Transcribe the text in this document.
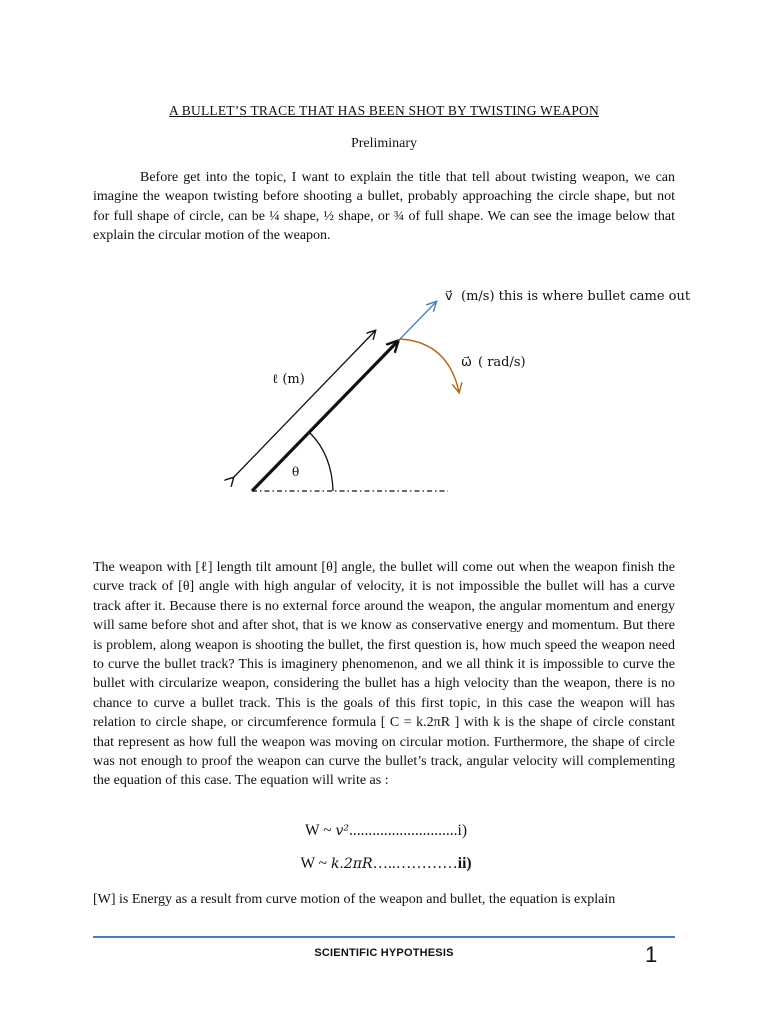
A BULLET’S TRACE THAT HAS BEEN SHOT BY TWISTING WEAPON
Preliminary
Before get into the topic, I want to explain the title that tell about twisting weapon, we can imagine the weapon twisting before shooting a bullet, probably approaching the circle shape, but not for full shape of circle, can be ¼ shape, ½ shape, or ¾ of full shape. We can see the image below that explain the circular motion of the weapon.
v⃗ (m/s) this is where bullet came out
ω⃗ ( rad/s)
ℓ (m)
θ
The weapon with [ℓ] length tilt amount [θ] angle, the bullet will come out when the weapon finish the curve track of [θ] angle with high angular of velocity, it is not impossible the bullet will has a curve track after it. Because there is no external force around the weapon, the angular momentum and energy will same before shot and after shot, that is we know as conservative energy and momentum. But there is problem, along weapon is shooting the bullet, the first question is, how much speed the weapon need to curve the bullet track? This is imaginery phenomenon, and we all think it is impossible to curve the bullet with circularize weapon, considering the bullet has a high velocity than the weapon, there is no chance to curve a bullet track. This is the goals of this first topic, in this case the weapon will has relation to circle shape, or circumference formula [ C = k.2πR ] with k is the shape of circle constant that represent as how full the weapon was moving on circular motion. Furthermore, the shape of circle was not enough to proof the weapon can curve the bullet’s track, angular velocity will complementing the equation of this case. The equation will write as :
W ~ v²............................i)
W ~ k.2πR…..…………ii)
[W] is Energy as a result from curve motion of the weapon and bullet, the equation is explain
SCIENTIFIC HYPOTHESIS	1
